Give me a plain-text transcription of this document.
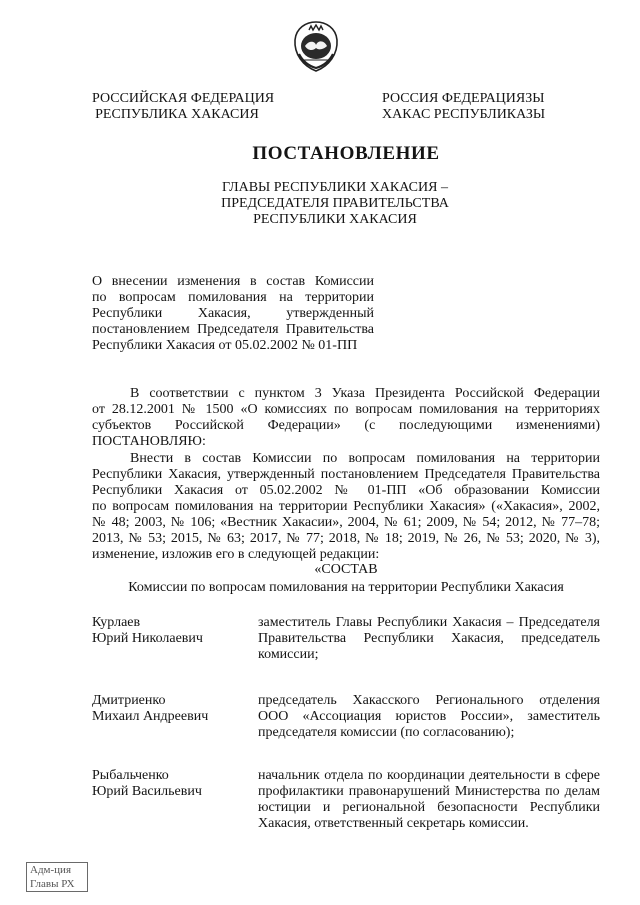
РОССИЙСКАЯ ФЕДЕРАЦИЯ
РЕСПУБЛИКА ХАКАСИЯ
РОССИЯ ФЕДЕРАЦИЯЗЫ
ХАКАС РЕСПУБЛИКАЗЫ
ПОСТАНОВЛЕНИЕ
ГЛАВЫ РЕСПУБЛИКИ ХАКАСИЯ –
ПРЕДСЕДАТЕЛЯ ПРАВИТЕЛЬСТВА
РЕСПУБЛИКИ ХАКАСИЯ
О внесении изменения в состав Комиссии
по вопросам помилования на территории
Республики Хакасия, утвержденный
постановлением Председателя Правительства
Республики Хакасия от 05.02.2002 № 01-ПП
В соответствии с пунктом 3 Указа Президента Российской Федерации
от 28.12.2001 № 1500 «О комиссиях по вопросам помилования на территориях
субъектов Российской Федерации» (с последующими изменениями)
ПОСТАНОВЛЯЮ:
Внести в состав Комиссии по вопросам помилования на территории
Республики Хакасия, утвержденный постановлением Председателя Правительства
Республики Хакасия от 05.02.2002 № 01-ПП «Об образовании Комиссии
по вопросам помилования на территории Республики Хакасия» («Хакасия», 2002,
№ 48; 2003, № 106; «Вестник Хакасии», 2004, № 61; 2009, № 54; 2012, № 77–78;
2013, № 53; 2015, № 63; 2017, № 77; 2018, № 18; 2019, № 26, № 53; 2020, № 3),
изменение, изложив его в следующей редакции:
«СОСТАВ
Комиссии по вопросам помилования на территории Республики Хакасия
Курлаев
Юрий Николаевич
заместитель Главы Республики Хакасия – Председателя
Правительства Республики Хакасия, председатель
комиссии;
Дмитриенко
Михаил Андреевич
председатель Хакасского Регионального отделения
ООО «Ассоциация юристов России», заместитель
председателя комиссии (по согласованию);
Рыбальченко
Юрий Васильевич
начальник отдела по координации деятельности в сфере
профилактики правонарушений Министерства по делам
юстиции и региональной безопасности Республики
Хакасия, ответственный секретарь комиссии.
Адм-ция
Главы РХ
